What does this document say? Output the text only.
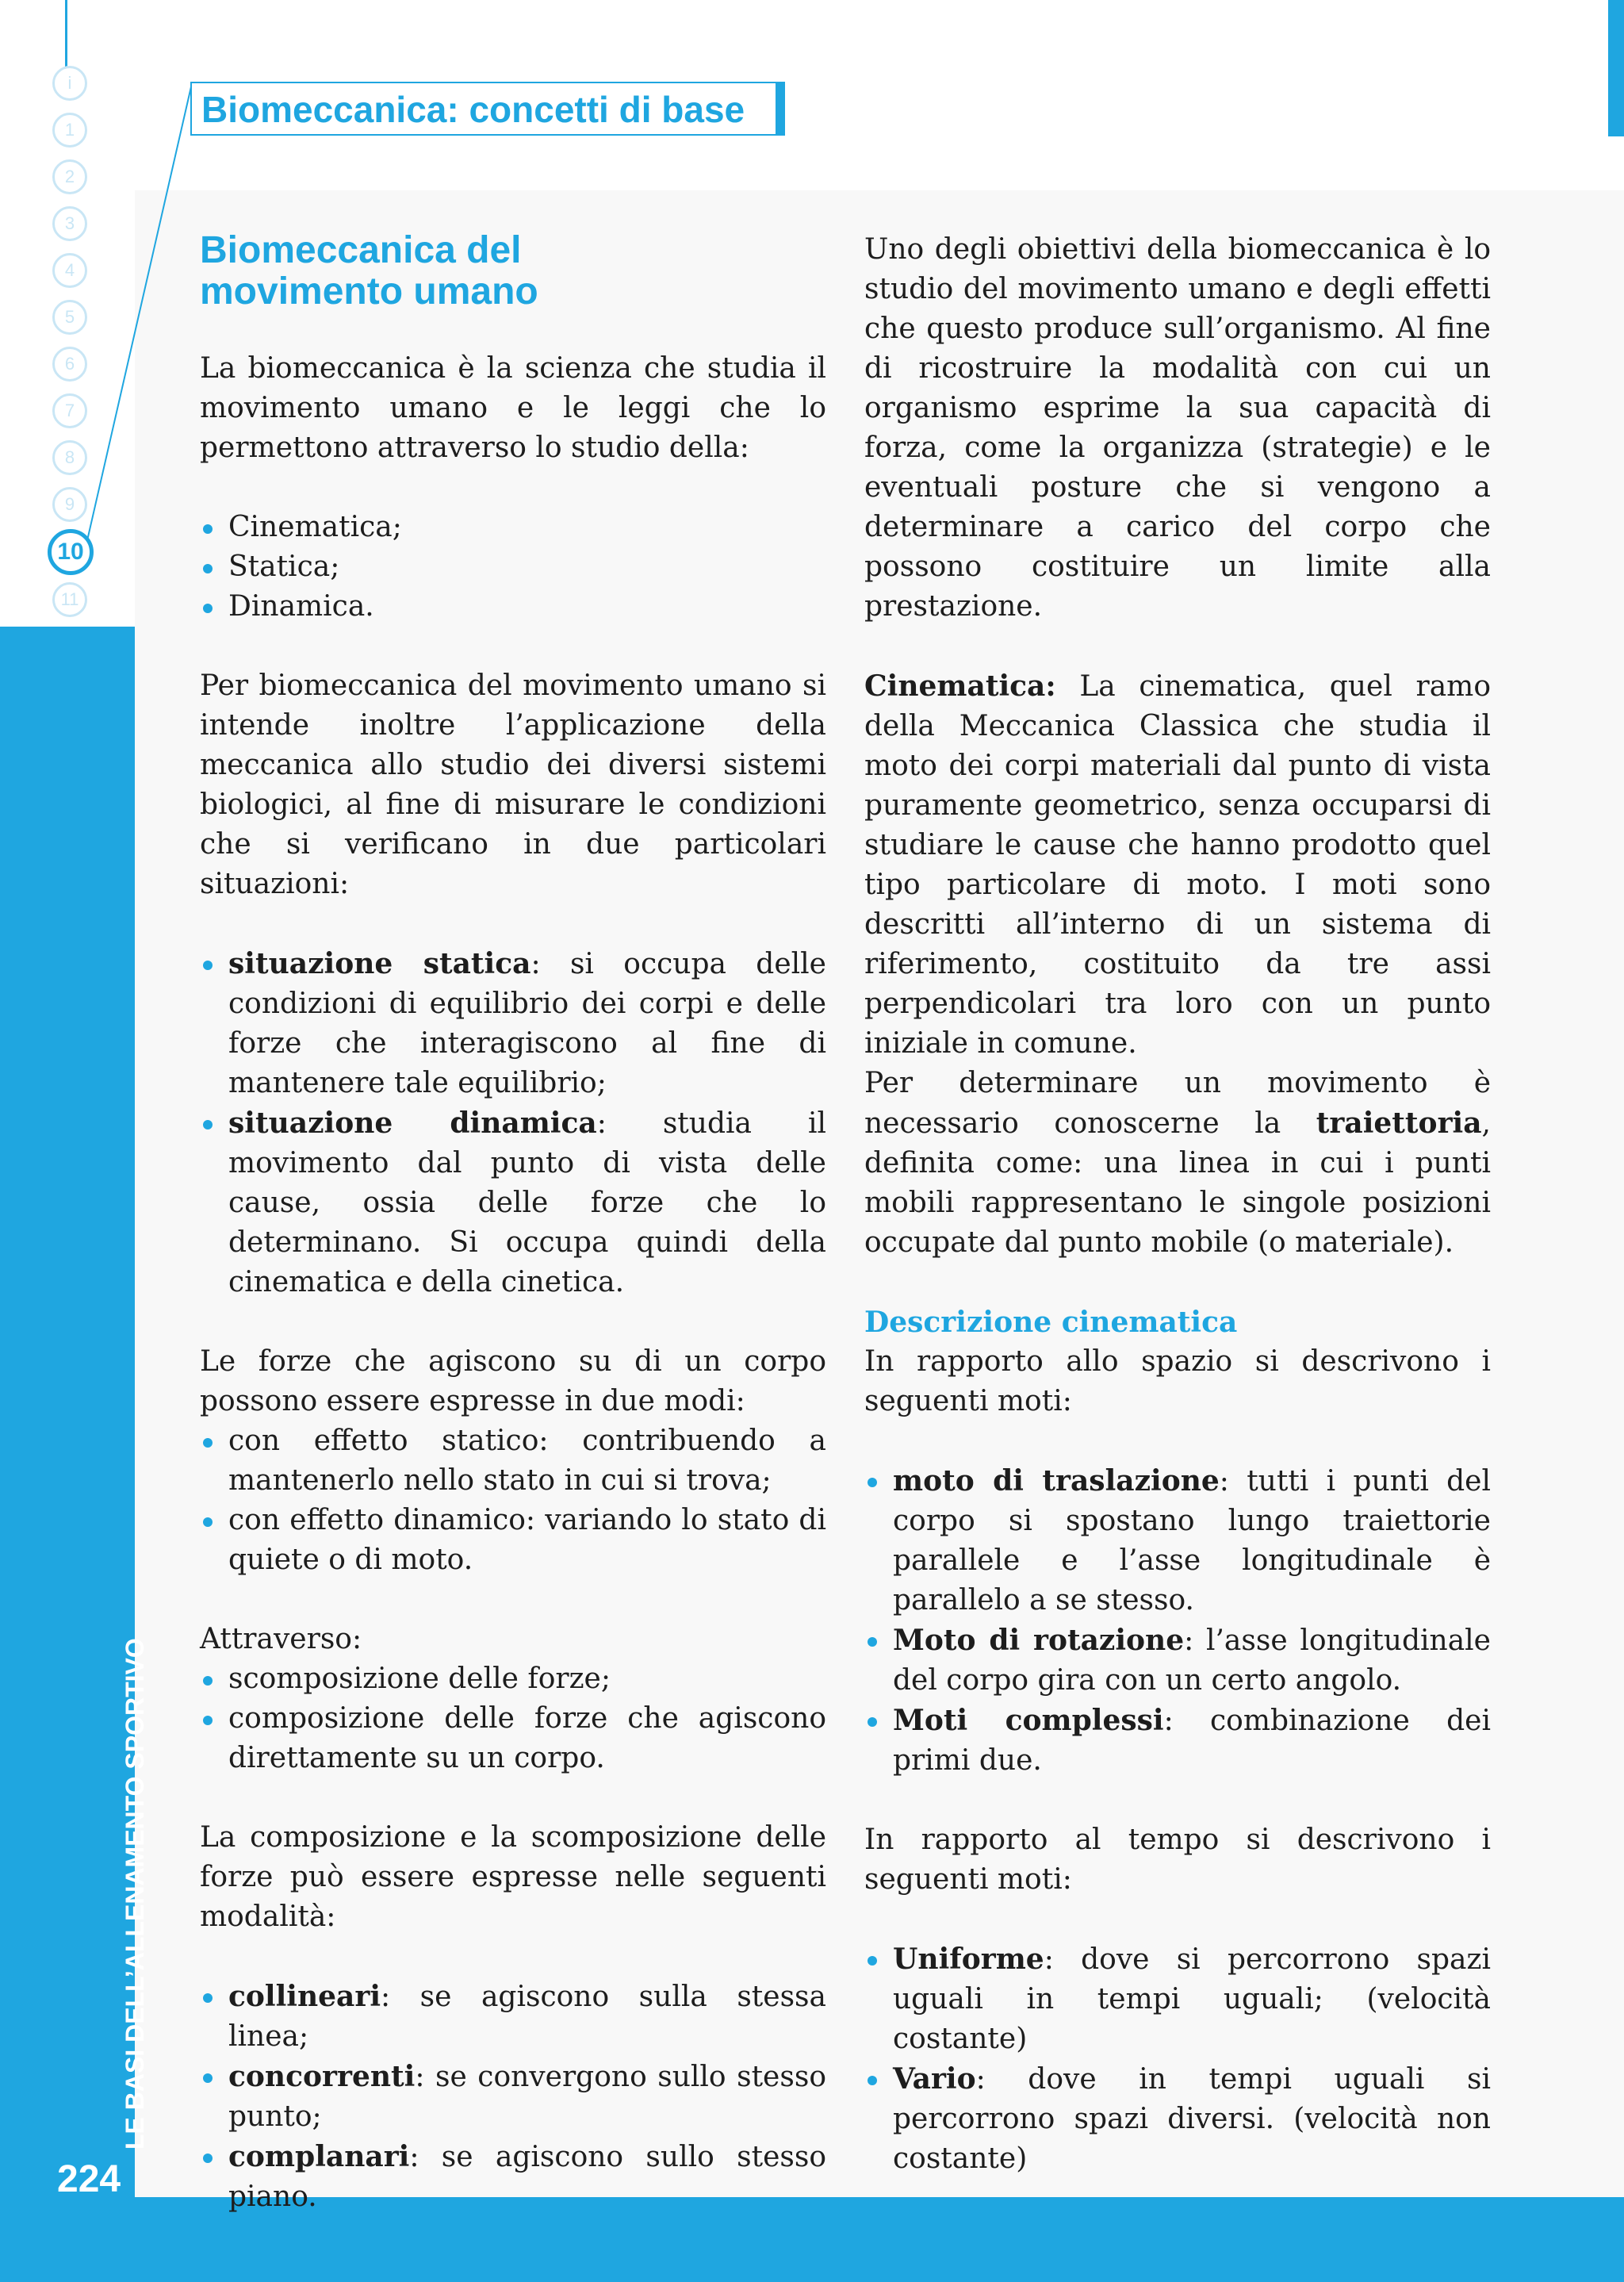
i
1
2
3
4
5
6
7
8
9
10
11
Biomeccanica: concetti di base
Biomeccanica del movimento umano

La biomeccanica è la scienza che studia il movimento umano e le leggi che lo permettono attraverso lo studio della:

Cinematica;
Statica;
Dinamica.

Per biomeccanica del movimento umano si intende inoltre l’applicazione della meccanica allo studio dei diversi sistemi biologici, al fine di misurare le condizioni che si verificano in due particolari situazioni:

situazione statica: si occupa delle condizioni di equilibrio dei corpi e delle forze che interagiscono al fine di mantenere tale equilibrio;
situazione dinamica: studia il movimento dal punto di vista delle cause, ossia delle forze che lo determinano. Si occupa quindi della cinematica e della cinetica.

Le forze che agiscono su di un corpo possono essere espresse in due modi:

con effetto statico: contribuendo a mantenerlo nello stato in cui si trova;
con effetto dinamico: variando lo stato di quiete o di moto.

Attraverso:

scomposizione delle forze;
composizione delle forze che agiscono direttamente su un corpo.

La composizione e la scomposizione delle forze può essere espresse nelle seguenti modalità:

collineari: se agiscono sulla stessa linea;
concorrenti: se convergono sullo stesso punto;
complanari: se agiscono sullo stesso piano.

Uno degli obiettivi della biomeccanica è lo studio del movimento umano e degli effetti che questo produce sull’organismo. Al fine di ricostruire la modalità con cui un organismo esprime la sua capacità di forza, come la organizza (strategie) e le eventuali posture che si vengono a determinare a carico del corpo che possono costituire un limite alla prestazione.

Cinematica: La cinematica, quel ramo della Meccanica Classica che studia il moto dei corpi materiali dal punto di vista puramente geometrico, senza occuparsi di studiare le cause che hanno prodotto quel tipo particolare di moto. I moti sono descritti all’interno di un sistema di riferimento, costituito da tre assi perpendicolari tra loro con un punto iniziale in comune.

Per determinare un movimento è necessario conoscerne la traiettoria, definita come: una linea in cui i punti mobili rappresentano le singole posizioni occupate dal punto mobile (o materiale).

Descrizione cinematica

In rapporto allo spazio si descrivono i seguenti moti:

moto di traslazione: tutti i punti del corpo si spostano lungo traiettorie parallele e l’asse longitudinale è parallelo a se stesso.
Moto di rotazione: l’asse longitudinale del corpo gira con un certo angolo.
Moti complessi: combinazione dei primi due.

In rapporto al tempo si descrivono i seguenti moti:

Uniforme: dove si percorrono spazi uguali in tempi uguali; (velocità costante)
Vario: dove in tempi uguali si percorrono spazi diversi. (velocità non costante)
LE BASI DELL’ALLENAMENTO SPORTIVO
224
